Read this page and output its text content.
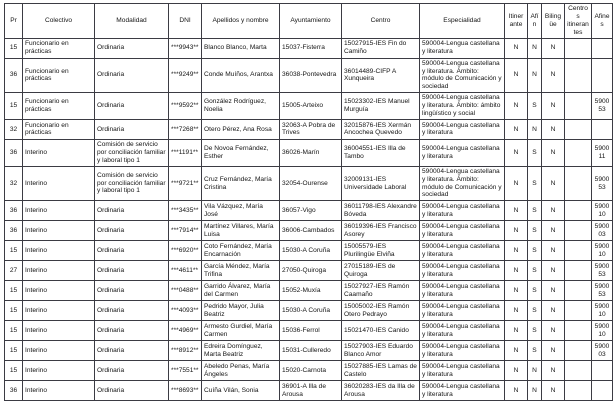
Pr	Colectivo	Modalidad	DNI	Apellidos y nombre	Ayuntamiento	Centro	Especialidad	Itinerante	Afín	Bilingüe	Centros itinerantes	Afines
15	Funcionario en prácticas	Ordinaria	***9943**	Blanco Blanco, Marta	15037-Fisterra	15027915-IES Fin do Camiño	590004-Lengua castellana y literatura	N	N	N		
36	Funcionario en prácticas	Ordinaria	***9249**	Conde Muíños, Arantxa	36038-Pontevedra	36014489-CIFP A Xunqueira	590004-Lengua castellana y literatura. Ámbito: módulo de Comunicación y sociedad	N	N	N		
15	Funcionario en prácticas	Ordinaria	***9592**	González Rodríguez, Noelia	15005-Arteixo	15023302-IES Manuel Murguía	590004-Lengua castellana y literatura. Ámbito: ámbito lingüístico y social	N	S	N		590053
32	Funcionario en prácticas	Ordinaria	***7268**	Otero Pérez, Ana Rosa	32063-A Pobra de Trives	32015876-IES Xermán Ancochea Quevedo	590004-Lengua castellana y literatura	N	N	N		
36	Interino	Comisión de servicio por conciliación familiar y laboral tipo 1	***1191**	De Novoa Fernández, Esther	36026-Marín	36004551-IES Illa de Tambo	590004-Lengua castellana y literatura	N	S	N		590011
32	Interino	Comisión de servicio por conciliación familiar y laboral tipo 1	***9721**	Cruz Fernández, María Cristina	32054-Ourense	32009131-IES Universidade Laboral	590004-Lengua castellana y literatura. Ámbito: módulo de Comunicación y sociedad	N	S	N		590053
36	Interino	Ordinaria	***3435**	Vila Vázquez, María José	36057-Vigo	36011798-IES Alexandre Bóveda	590004-Lengua castellana y literatura	N	S	N		590010
36	Interino	Ordinaria	***7914**	Martínez Villares, María Luisa	36006-Cambados	36019396-IES Francisco Asorey	590004-Lengua castellana y literatura	N	S	N		590003
15	Interino	Ordinaria	***6920**	Coto Fernández, María Encarnación	15030-A Coruña	15005579-IES Plurilingüe Elviña	590004-Lengua castellana y literatura	N	S	N		590010
27	Interino	Ordinaria	***4611**	García Méndez, María Trifina	27050-Quiroga	27015189-IES de Quiroga	590004-Lengua castellana y literatura	N	S	N		590053
15	Interino	Ordinaria	***0488**	Garrido Álvarez, María del Carmen	15052-Muxía	15027927-IES Ramón Caamaño	590004-Lengua castellana y literatura	N	S	N		590053
15	Interino	Ordinaria	***4093**	Pedrido Mayor, Julia Beatriz	15030-A Coruña	15005002-IES Ramón Otero Pedrayo	590004-Lengua castellana y literatura	N	S	N		590010
15	Interino	Ordinaria	***4969**	Armesto Gurdiel, María Carmen	15036-Ferrol	15021470-IES Canido	590004-Lengua castellana y literatura	N	S	N		590010
15	Interino	Ordinaria	***8912**	Edreira Domínguez, Marta Beatriz	15031-Culleredo	15027903-IES Eduardo Blanco Amor	590004-Lengua castellana y literatura	N	S	N		590003
15	Interino	Ordinaria	***7551**	Abeledo Penas, María Ángeles	15020-Carnota	15027885-IES Lamas de Castelo	590004-Lengua castellana y literatura	N	N	N		
36	Interino	Ordinaria	***8693**	Cuíña Vilán, Sonia	36901-A Illa de Arousa	36020283-IES da Illa de Arousa	590004-Lengua castellana y literatura	N	N	N		
